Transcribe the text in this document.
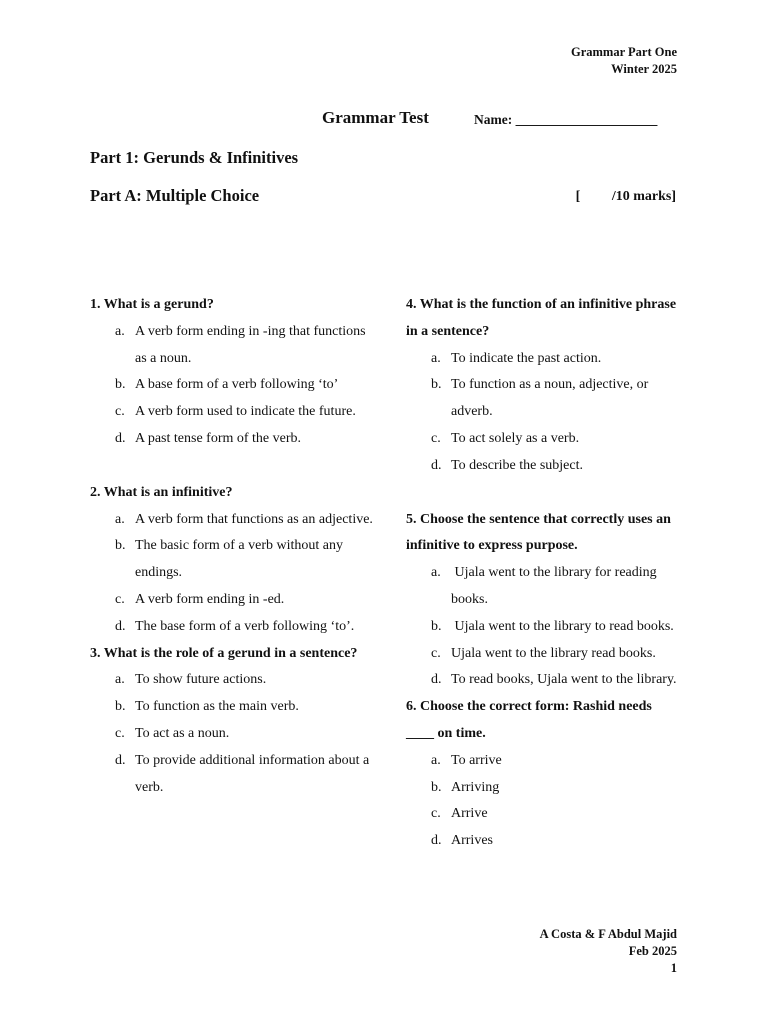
Grammar Part One
Winter 2025
Grammar Test	Name: _____________________
Part 1: Gerunds & Infinitives
Part A: Multiple Choice	[         /10 marks]
1. What is a gerund?
a. A verb form ending in -ing that functions as a noun.
b. A base form of a verb following ‘to’
c. A verb form used to indicate the future.
d. A past tense form of the verb.
2. What is an infinitive?
a. A verb form that functions as an adjective.
b. The basic form of a verb without any endings.
c. A verb form ending in -ed.
d. The base form of a verb following ‘to’.
3. What is the role of a gerund in a sentence?
a. To show future actions.
b. To function as the main verb.
c. To act as a noun.
d. To provide additional information about a verb.
4. What is the function of an infinitive phrase in a sentence?
a. To indicate the past action.
b. To function as a noun, adjective, or adverb.
c. To act solely as a verb.
d. To describe the subject.
5. Choose the sentence that correctly uses an infinitive to express purpose.
a. Ujala went to the library for reading books.
b. Ujala went to the library to read books.
c. Ujala went to the library read books.
d. To read books, Ujala went to the library.
6. Choose the correct form: Rashid needs ____ on time.
a. To arrive
b. Arriving
c. Arrive
d. Arrives
A Costa & F Abdul Majid
Feb 2025
1
